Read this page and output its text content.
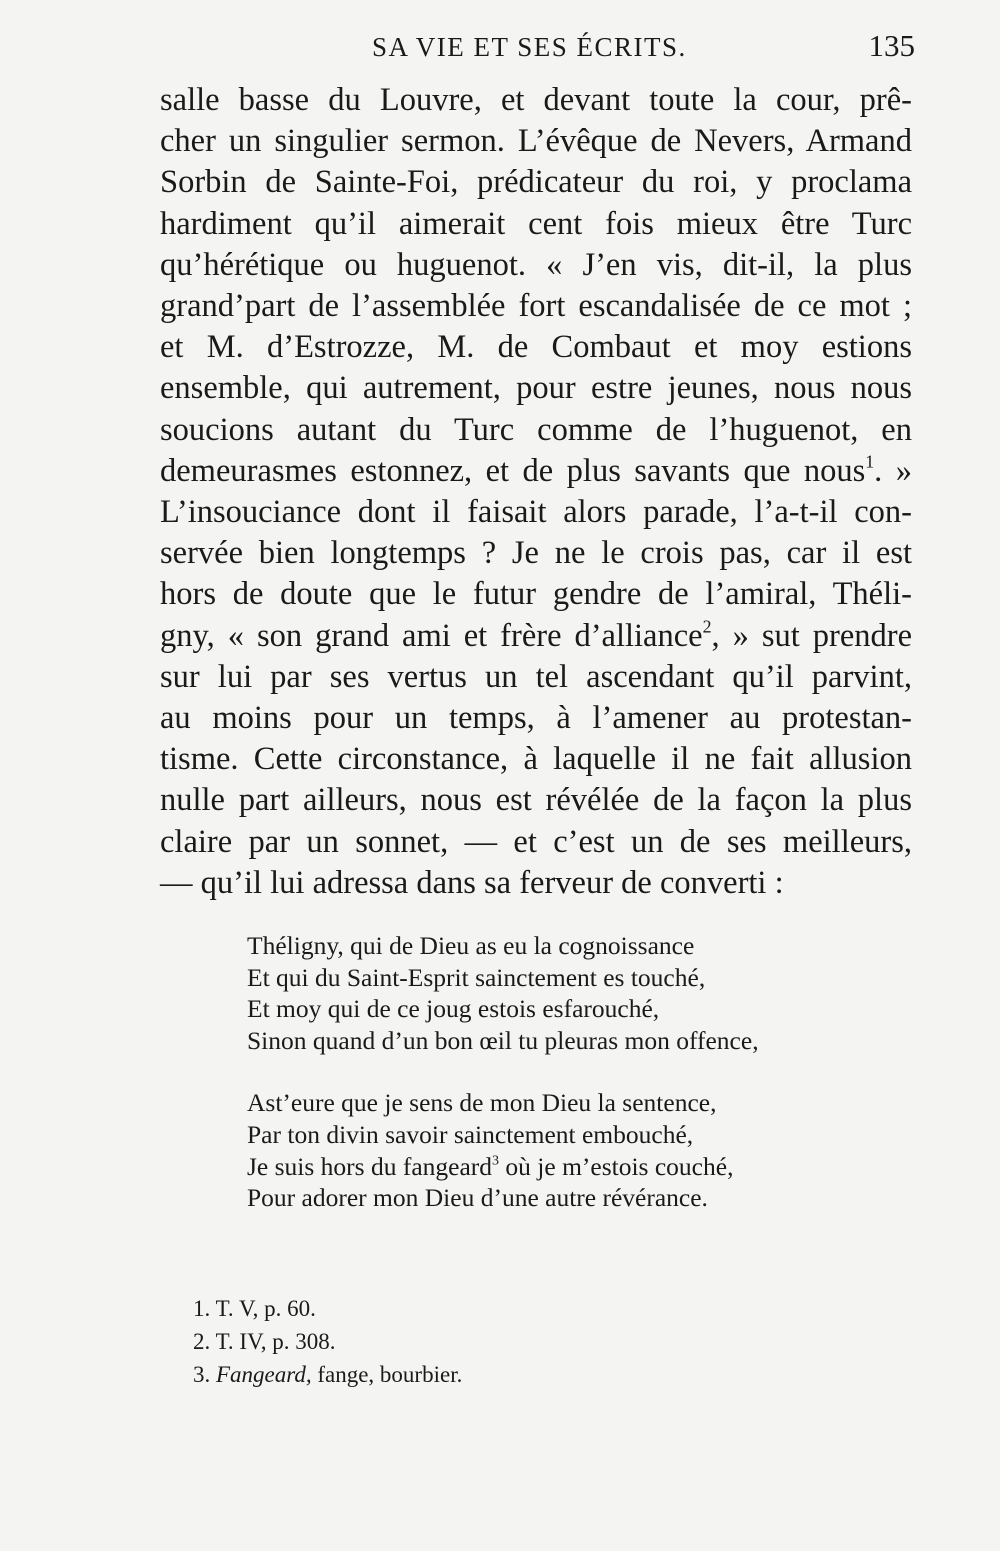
SA VIE ET SES ÉCRITS.	135
salle basse du Louvre, et devant toute la cour, prê-
cher un singulier sermon. L’évêque de Nevers, Armand
Sorbin de Sainte-Foi, prédicateur du roi, y proclama
hardiment qu’il aimerait cent fois mieux être Turc
qu’hérétique ou huguenot. « J’en vis, dit-il, la plus
grand’part de l’assemblée fort escandalisée de ce mot ;
et M. d’Estrozze, M. de Combaut et moy estions
ensemble, qui autrement, pour estre jeunes, nous nous
soucions autant du Turc comme de l’huguenot, en
demeurasmes estonnez, et de plus savants que nous$^1$. »
L’insouciance dont il faisait alors parade, l’a-t-il con-
servée bien longtemps ? Je ne le crois pas, car il est
hors de doute que le futur gendre de l’amiral, Théli-
gny, « son grand ami et frère d’alliance$^2$, » sut prendre
sur lui par ses vertus un tel ascendant qu’il parvint,
au moins pour un temps, à l’amener au protestan-
tisme. Cette circonstance, à laquelle il ne fait allusion
nulle part ailleurs, nous est révélée de la façon la plus
claire par un sonnet, — et c’est un de ses meilleurs,
— qu’il lui adressa dans sa ferveur de converti :
Théligny, qui de Dieu as eu la cognoissance
Et qui du Saint-Esprit sainctement es touché,
Et moy qui de ce joug estois esfarouché,
Sinon quand d’un bon œil tu pleuras mon offence,
Ast’eure que je sens de mon Dieu la sentence,
Par ton divin savoir sainctement embouché,
Je suis hors du fangeard$^3$ où je m’estois couché,
Pour adorer mon Dieu d’une autre révérance.
1. T. V, p. 60.
2. T. IV, p. 308.
3. Fangeard, fange, bourbier.
